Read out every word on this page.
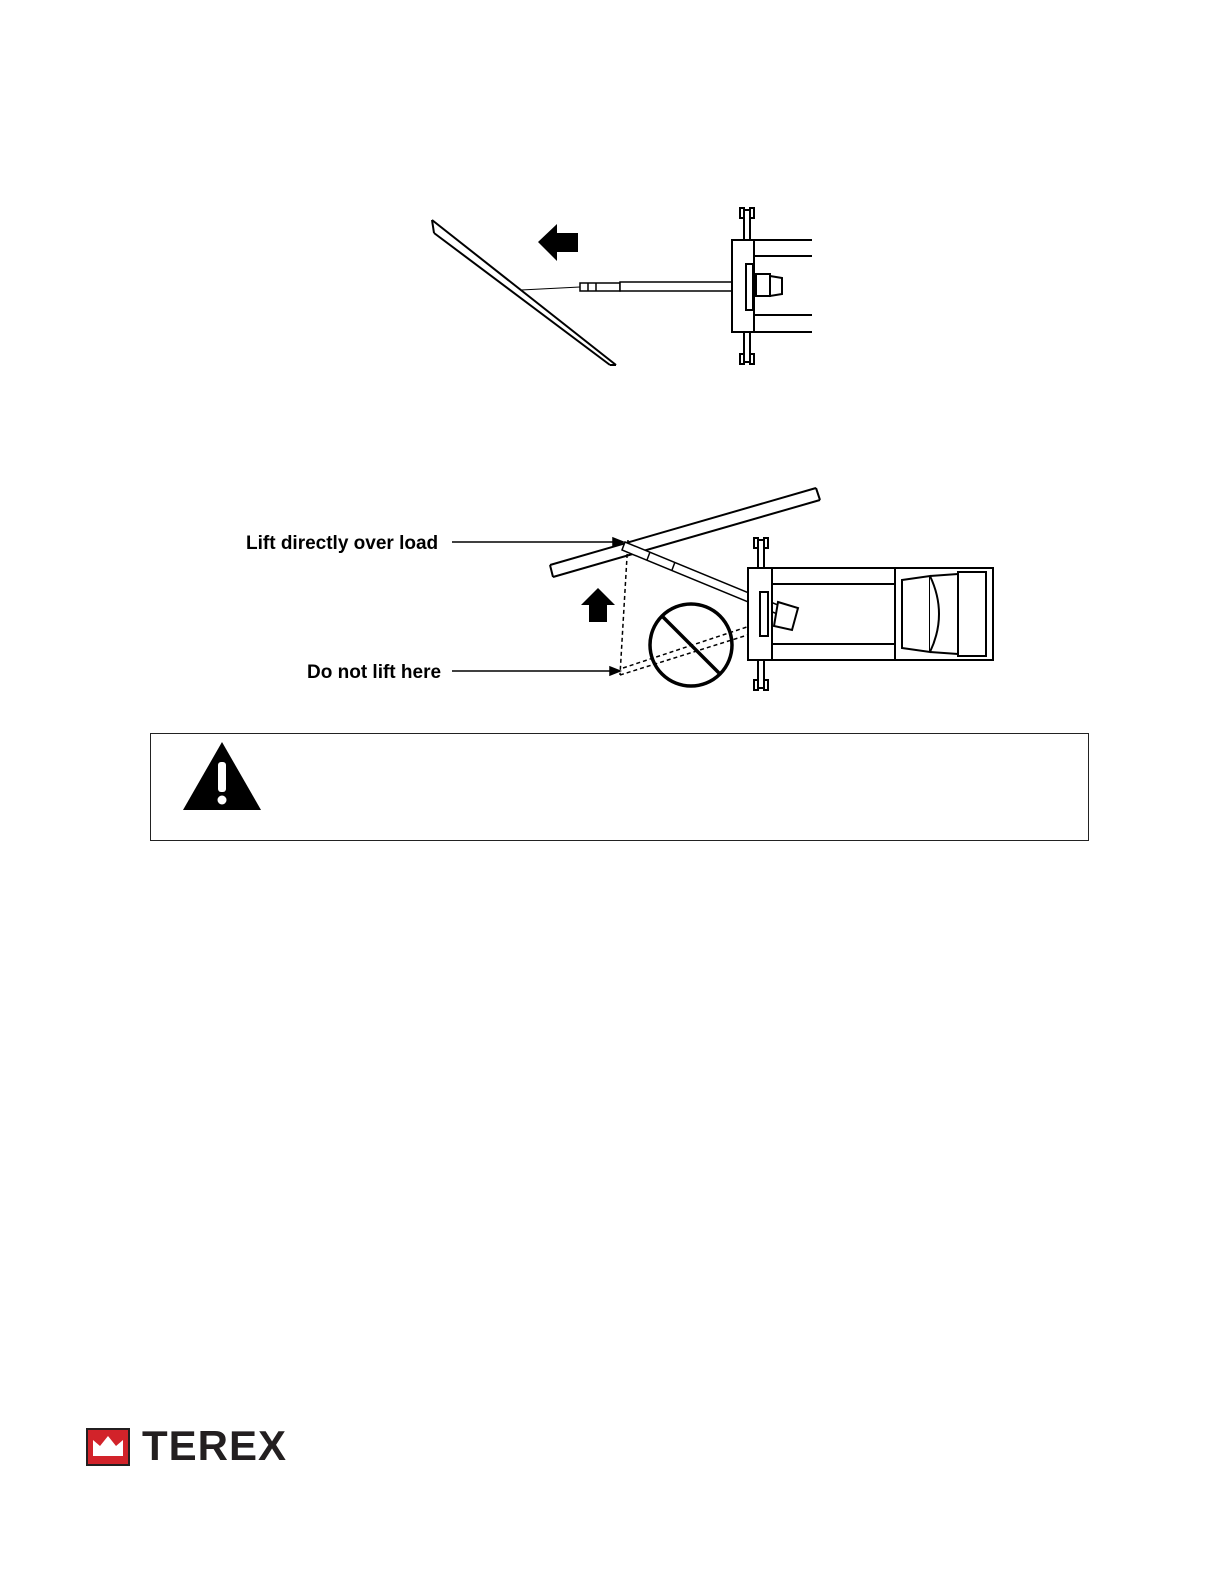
Lift directly over load
Do not lift here
TEREX
